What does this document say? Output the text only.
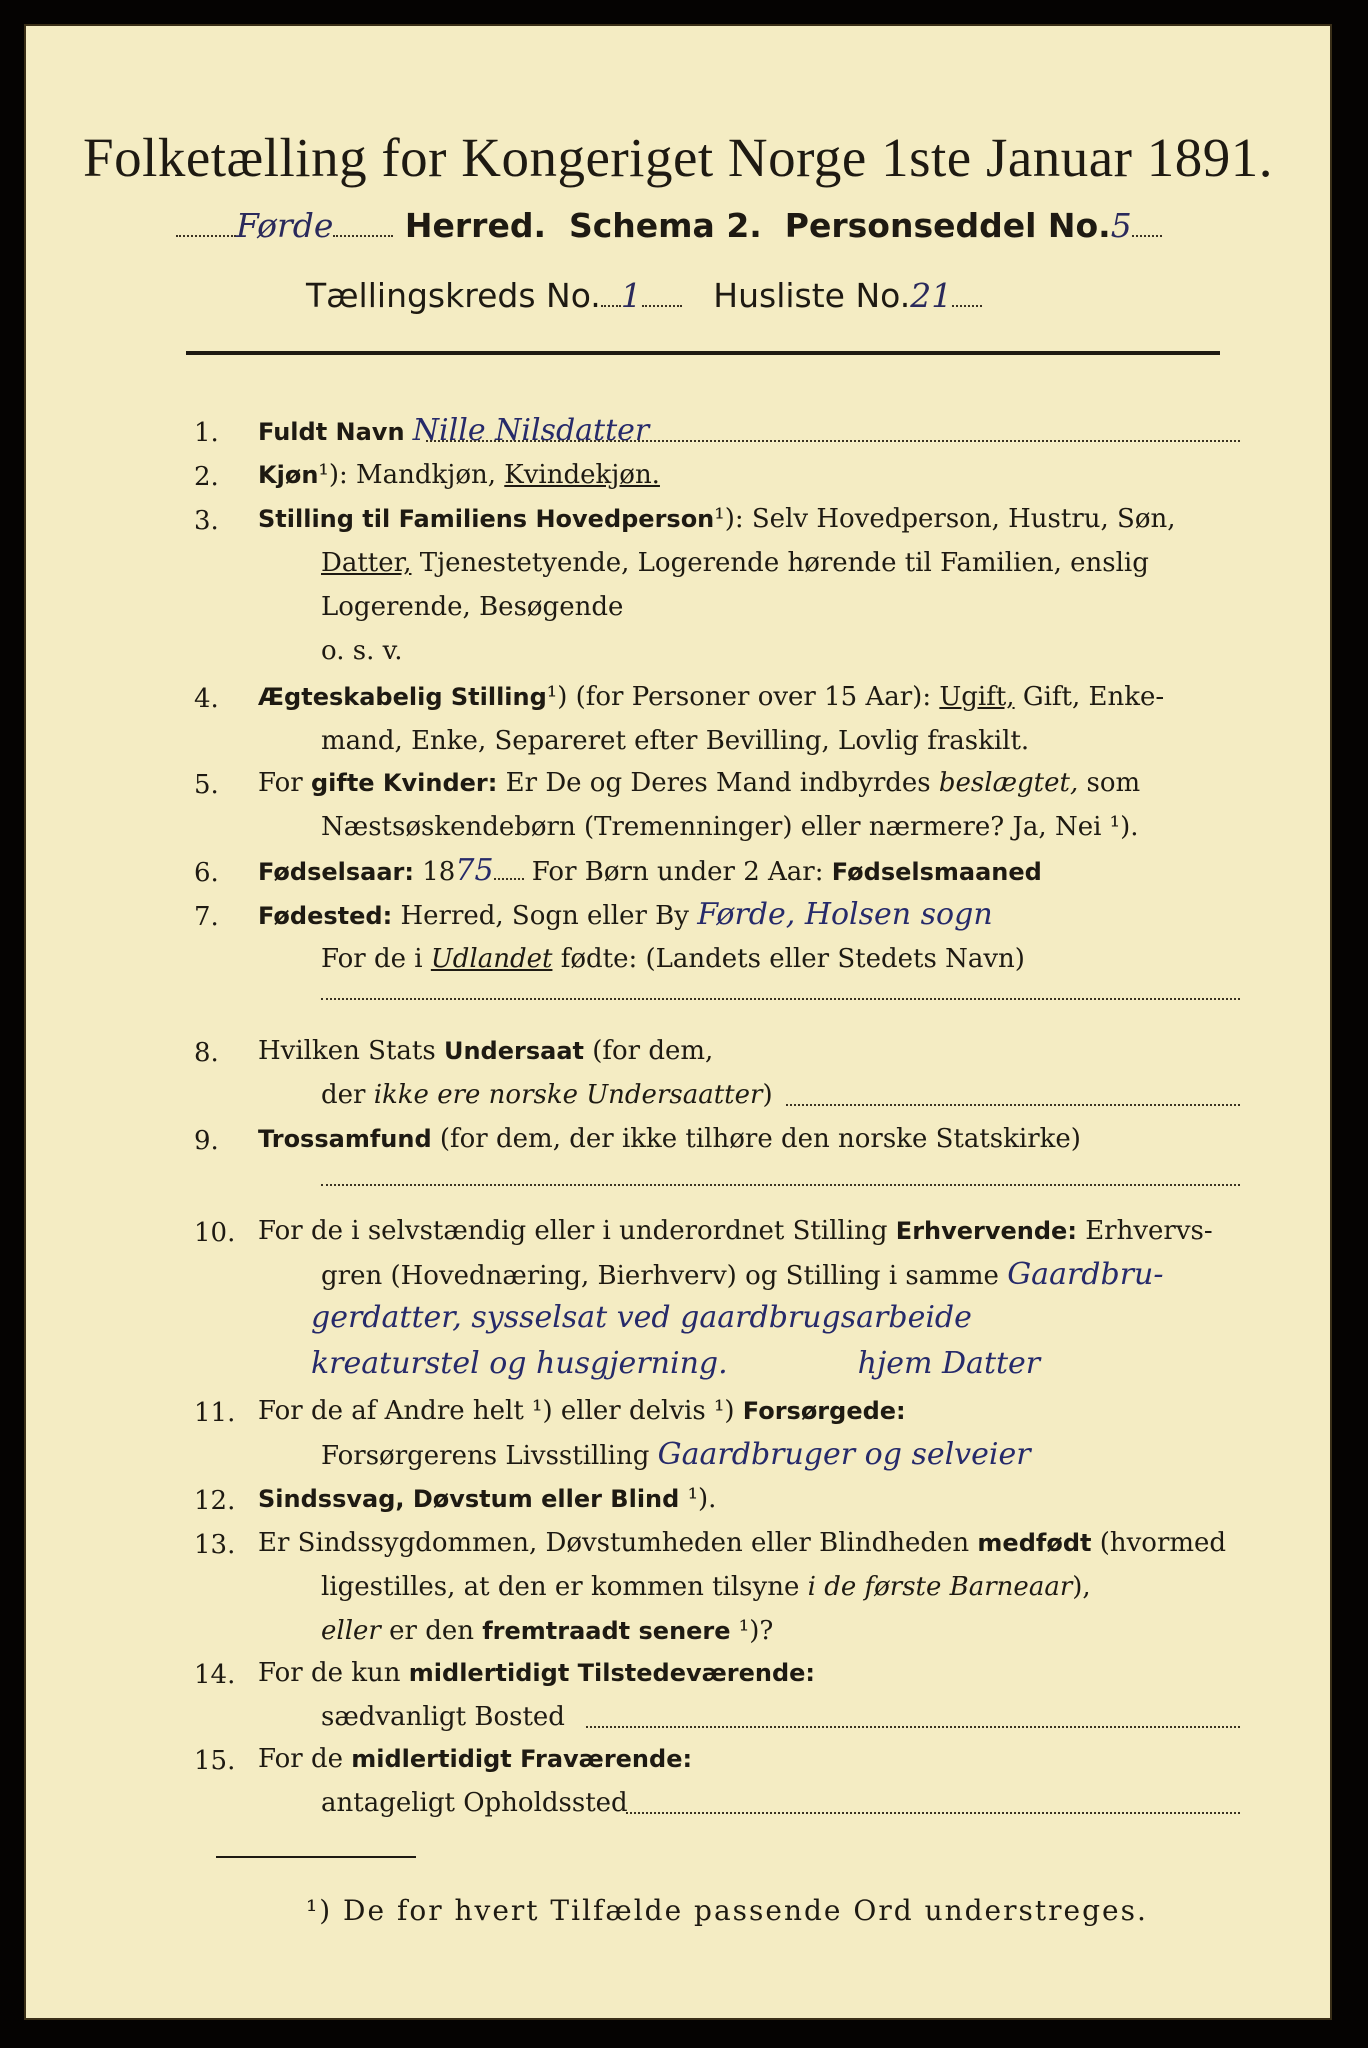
Folketælling for Kongeriget Norge 1ste Januar 1891.
Førde Herred. Schema 2. Personseddel No.5
Tællingskreds No. 1 Husliste No.21
1.	Fuldt Navn Nille Nilsdatter
2.	Kjøn¹): Mandkjøn, Kvindekjøn.
3.	Stilling til Familiens Hovedperson¹): Selv Hovedperson, Hustru, Søn,
Datter, Tjenestetyende, Logerende hørende til Familien, enslig
Logerende, Besøgende
o. s. v.
4.	Ægteskabelig Stilling¹) (for Personer over 15 Aar): Ugift, Gift, Enke-
mand, Enke, Separeret efter Bevilling, Lovlig fraskilt.
5.	For gifte Kvinder: Er De og Deres Mand indbyrdes beslægtet, som
Næstsøskendebørn (Tremenninger) eller nærmere? Ja, Nei ¹).
6.	Fødselsaar: 1875 For Børn under 2 Aar: Fødselsmaaned
7.	Fødested: Herred, Sogn eller By Førde, Holsen sogn
For de i Udlandet fødte: (Landets eller Stedets Navn)
8.	Hvilken Stats Undersaat (for dem,
der ikke ere norske Undersaatter)
9.	Trossamfund (for dem, der ikke tilhøre den norske Statskirke)
10. For de i selvstændig eller i underordnet Stilling Erhvervende: Erhvervs-
gren (Hovednæring, Bierhverv) og Stilling i samme Gaardbru-
gerdatter, sysselsat ved gaardbrugsarbeide
kreaturstel og husgjerning.	hjem Datter
11. For de af Andre helt ¹) eller delvis ¹) Forsørgede:
Forsørgerens Livsstilling Gaardbruger og selveier
12. Sindssvag, Døvstum eller Blind ¹).
13. Er Sindssygdommen, Døvstumheden eller Blindheden medfødt (hvormed
ligestilles, at den er kommen tilsyne i de første Barneaar),
eller er den fremtraadt senere ¹)?
14. For de kun midlertidigt Tilstedeværende:
sædvanligt Bosted
15. For de midlertidigt Fraværende:
antageligt Opholdssted
¹) De for hvert Tilfælde passende Ord understreges.
